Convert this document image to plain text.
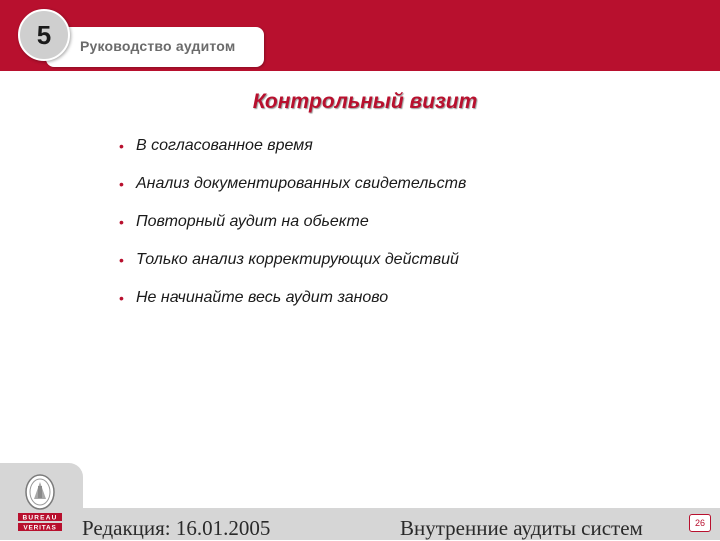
Руководство аудитом
5
Контрольный визит
• В согласованное время
• Анализ документированных свидетельств
• Повторный аудит на обьекте
• Только анализ корректирующих действий
• Не начинайте весь аудит заново
BUREAU
VERITAS Редакция: 16.01.2005	Внутренние аудиты систем	26
